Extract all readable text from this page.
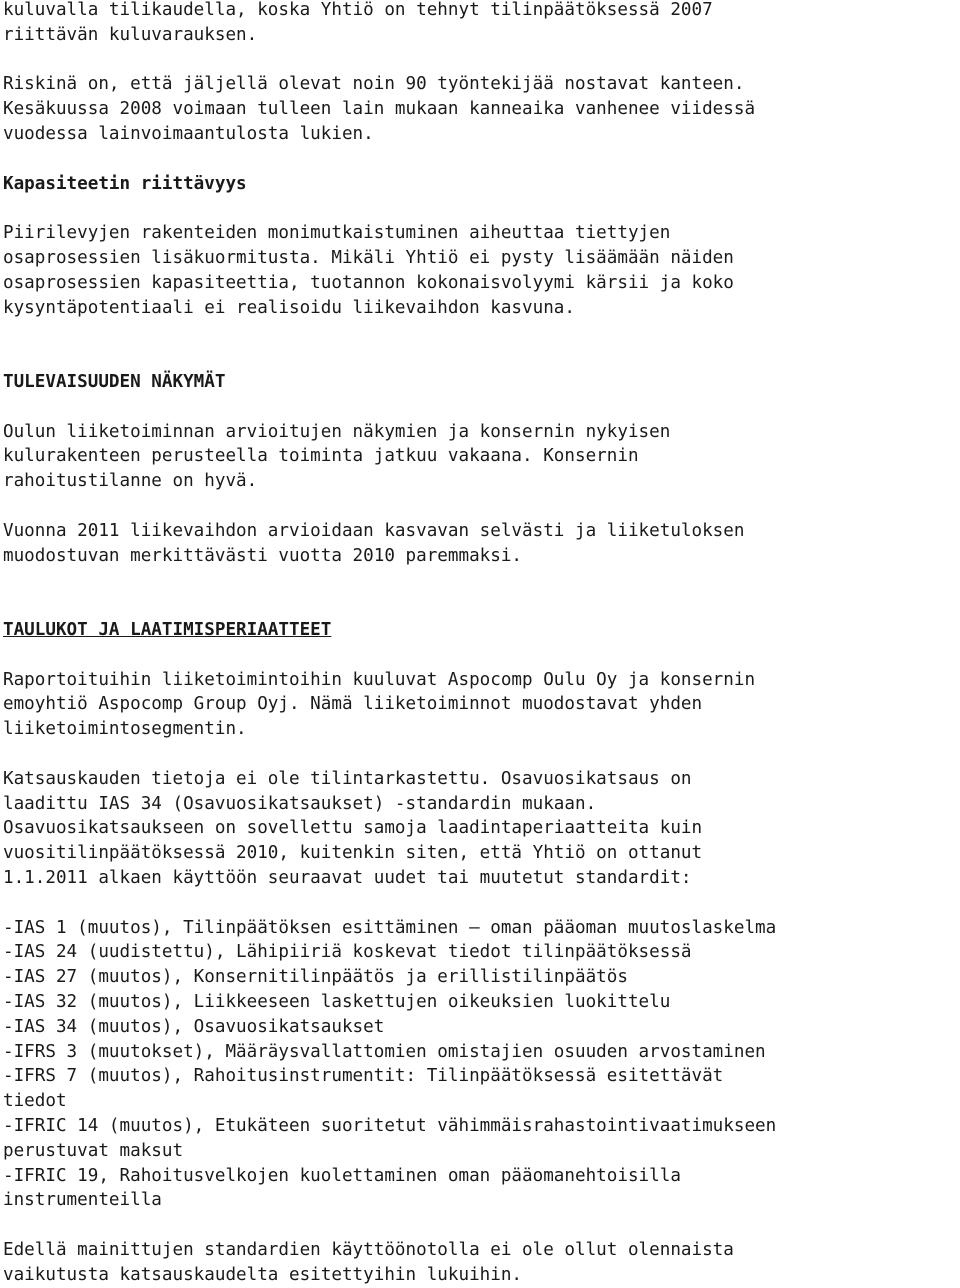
kuluvalla tilikaudella, koska Yhtiö on tehnyt tilinpäätöksessä 2007
riittävän kuluvarauksen.
Riskinä on, että jäljellä olevat noin 90 työntekijää nostavat kanteen.
Kesäkuussa 2008 voimaan tulleen lain mukaan kanneaika vanhenee viidessä
vuodessa lainvoimaantulosta lukien.
Kapasiteetin riittävyys
Piirilevyjen rakenteiden monimutkaistuminen aiheuttaa tiettyjen
osaprosessien lisäkuormitusta. Mikäli Yhtiö ei pysty lisäämään näiden
osaprosessien kapasiteettia, tuotannon kokonaisvolyymi kärsii ja koko
kysyntäpotentiaali ei realisoidu liikevaihdon kasvuna.
TULEVAISUUDEN NÄKYMÄT
Oulun liiketoiminnan arvioitujen näkymien ja konsernin nykyisen
kulurakenteen perusteella toiminta jatkuu vakaana. Konsernin
rahoitustilanne on hyvä.
Vuonna 2011 liikevaihdon arvioidaan kasvavan selvästi ja liiketuloksen
muodostuvan merkittävästi vuotta 2010 paremmaksi.
TAULUKOT JA LAATIMISPERIAATTEET
Raportoituihin liiketoimintoihin kuuluvat Aspocomp Oulu Oy ja konsernin
emoyhtiö Aspocomp Group Oyj. Nämä liiketoiminnot muodostavat yhden
liiketoimintosegmentin.
Katsauskauden tietoja ei ole tilintarkastettu. Osavuosikatsaus on
laadittu IAS 34 (Osavuosikatsaukset) -standardin mukaan.
Osavuosikatsaukseen on sovellettu samoja laadintaperiaatteita kuin
vuositilinpäätöksessä 2010, kuitenkin siten, että Yhtiö on ottanut
1.1.2011 alkaen käyttöön seuraavat uudet tai muutetut standardit:
-IAS 1 (muutos), Tilinpäätöksen esittäminen – oman pääoman muutoslaskelma
-IAS 24 (uudistettu), Lähipiiriä koskevat tiedot tilinpäätöksessä
-IAS 27 (muutos), Konsernitilinpäätös ja erillistilinpäätös
-IAS 32 (muutos), Liikkeeseen laskettujen oikeuksien luokittelu
-IAS 34 (muutos), Osavuosikatsaukset
-IFRS 3 (muutokset), Määräysvallattomien omistajien osuuden arvostaminen
-IFRS 7 (muutos), Rahoitusinstrumentit: Tilinpäätöksessä esitettävät
tiedot
-IFRIC 14 (muutos), Etukäteen suoritetut vähimmäisrahastointivaatimukseen
perustuvat maksut
-IFRIC 19, Rahoitusvelkojen kuolettaminen oman pääomanehtoisilla
instrumenteilla
Edellä mainittujen standardien käyttöönotolla ei ole ollut olennaista
vaikutusta katsauskaudelta esitettyihin lukuihin.
